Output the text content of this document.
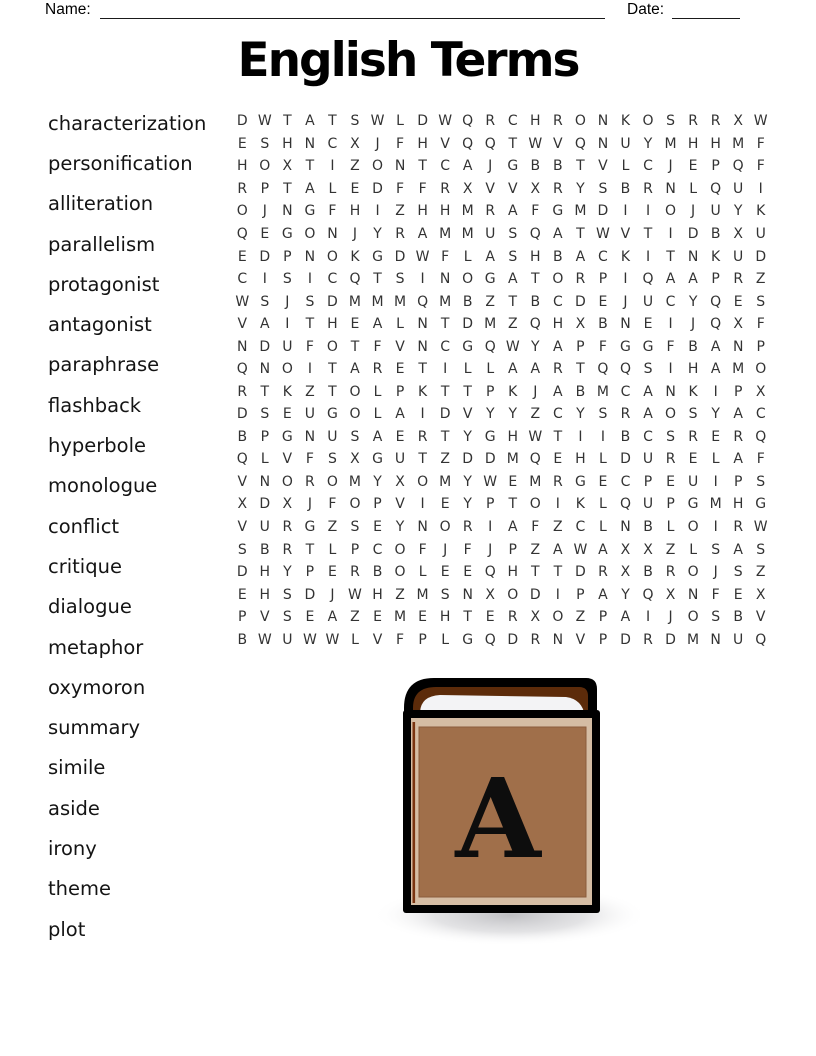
Name:	Date:
English Terms
characterization
personification
alliteration
parallelism
protagonist
antagonist
paraphrase
flashback
hyperbole
monologue
conflict
critique
dialogue
metaphor
oxymoron
summary
simile
aside
irony
theme
plot
D W T A T S W L D W Q R C H R O N K O S R R X W
E S H N C X	J	F H V Q Q T W V Q N U Y M H H M F
H O X T	I	Z O N T C A	J	G B B T V L C	J	E P Q F
R P	T A L	E D F	F R X V V X R Y S B R N L Q U	I
O	J	N G F H	I	Z H H M R A F G M D	I	I	O	J	U Y K
Q E G O N	J	Y R A M M U S Q A T W V T	I	D B X U
E D P N O K G D W F	L A S H B A C K	I	T N K U D
C	I	S	I	C Q T S	I	N O G A T O R P	I	Q A A P R Z
W S	J	S D M M M Q M B Z T B C D E	J	U C Y Q E S
V A	I	T H E A L N T D M Z Q H X B N E	I	J	Q X F
N D U F O T	F V N C G Q W Y A P	F G G F B A N P
Q N O	I	T A R E T	I	L	L A A R T Q Q S	I	H A M O
R T K Z T O L	P K T T	P K	J	A B M C A N K	I	P X
D S E U G O L A	I	D V Y Y Z C Y S R A O S Y A C
B P G N U S A E R T Y G H W T	I	I	B C S R E R Q
Q L V F	S X G U T Z D D M Q E H L D U R E	L A F
V N O R O M Y X O M Y W E M R G E C P E U	I	P S
X D X	J	F O P V	I	E Y	P	T O	I	K	L Q U P G M H G
V U R G Z S E Y N O R	I	A F Z C L N B L O	I	R W
S B R T	L	P C O F	J	F	J	P Z A W A X X Z L	S A S
D H Y	P E R B O L	E E Q H T T D R X B R O	J	S Z
E H S D	J W H Z M S N X O D	I	P A Y Q X N F	E X
P V S E A Z E M E H T E R X O Z P A	I	J	O S B V
B W U W W L V F	P	L G Q D R N V P D R D M N U Q
A
